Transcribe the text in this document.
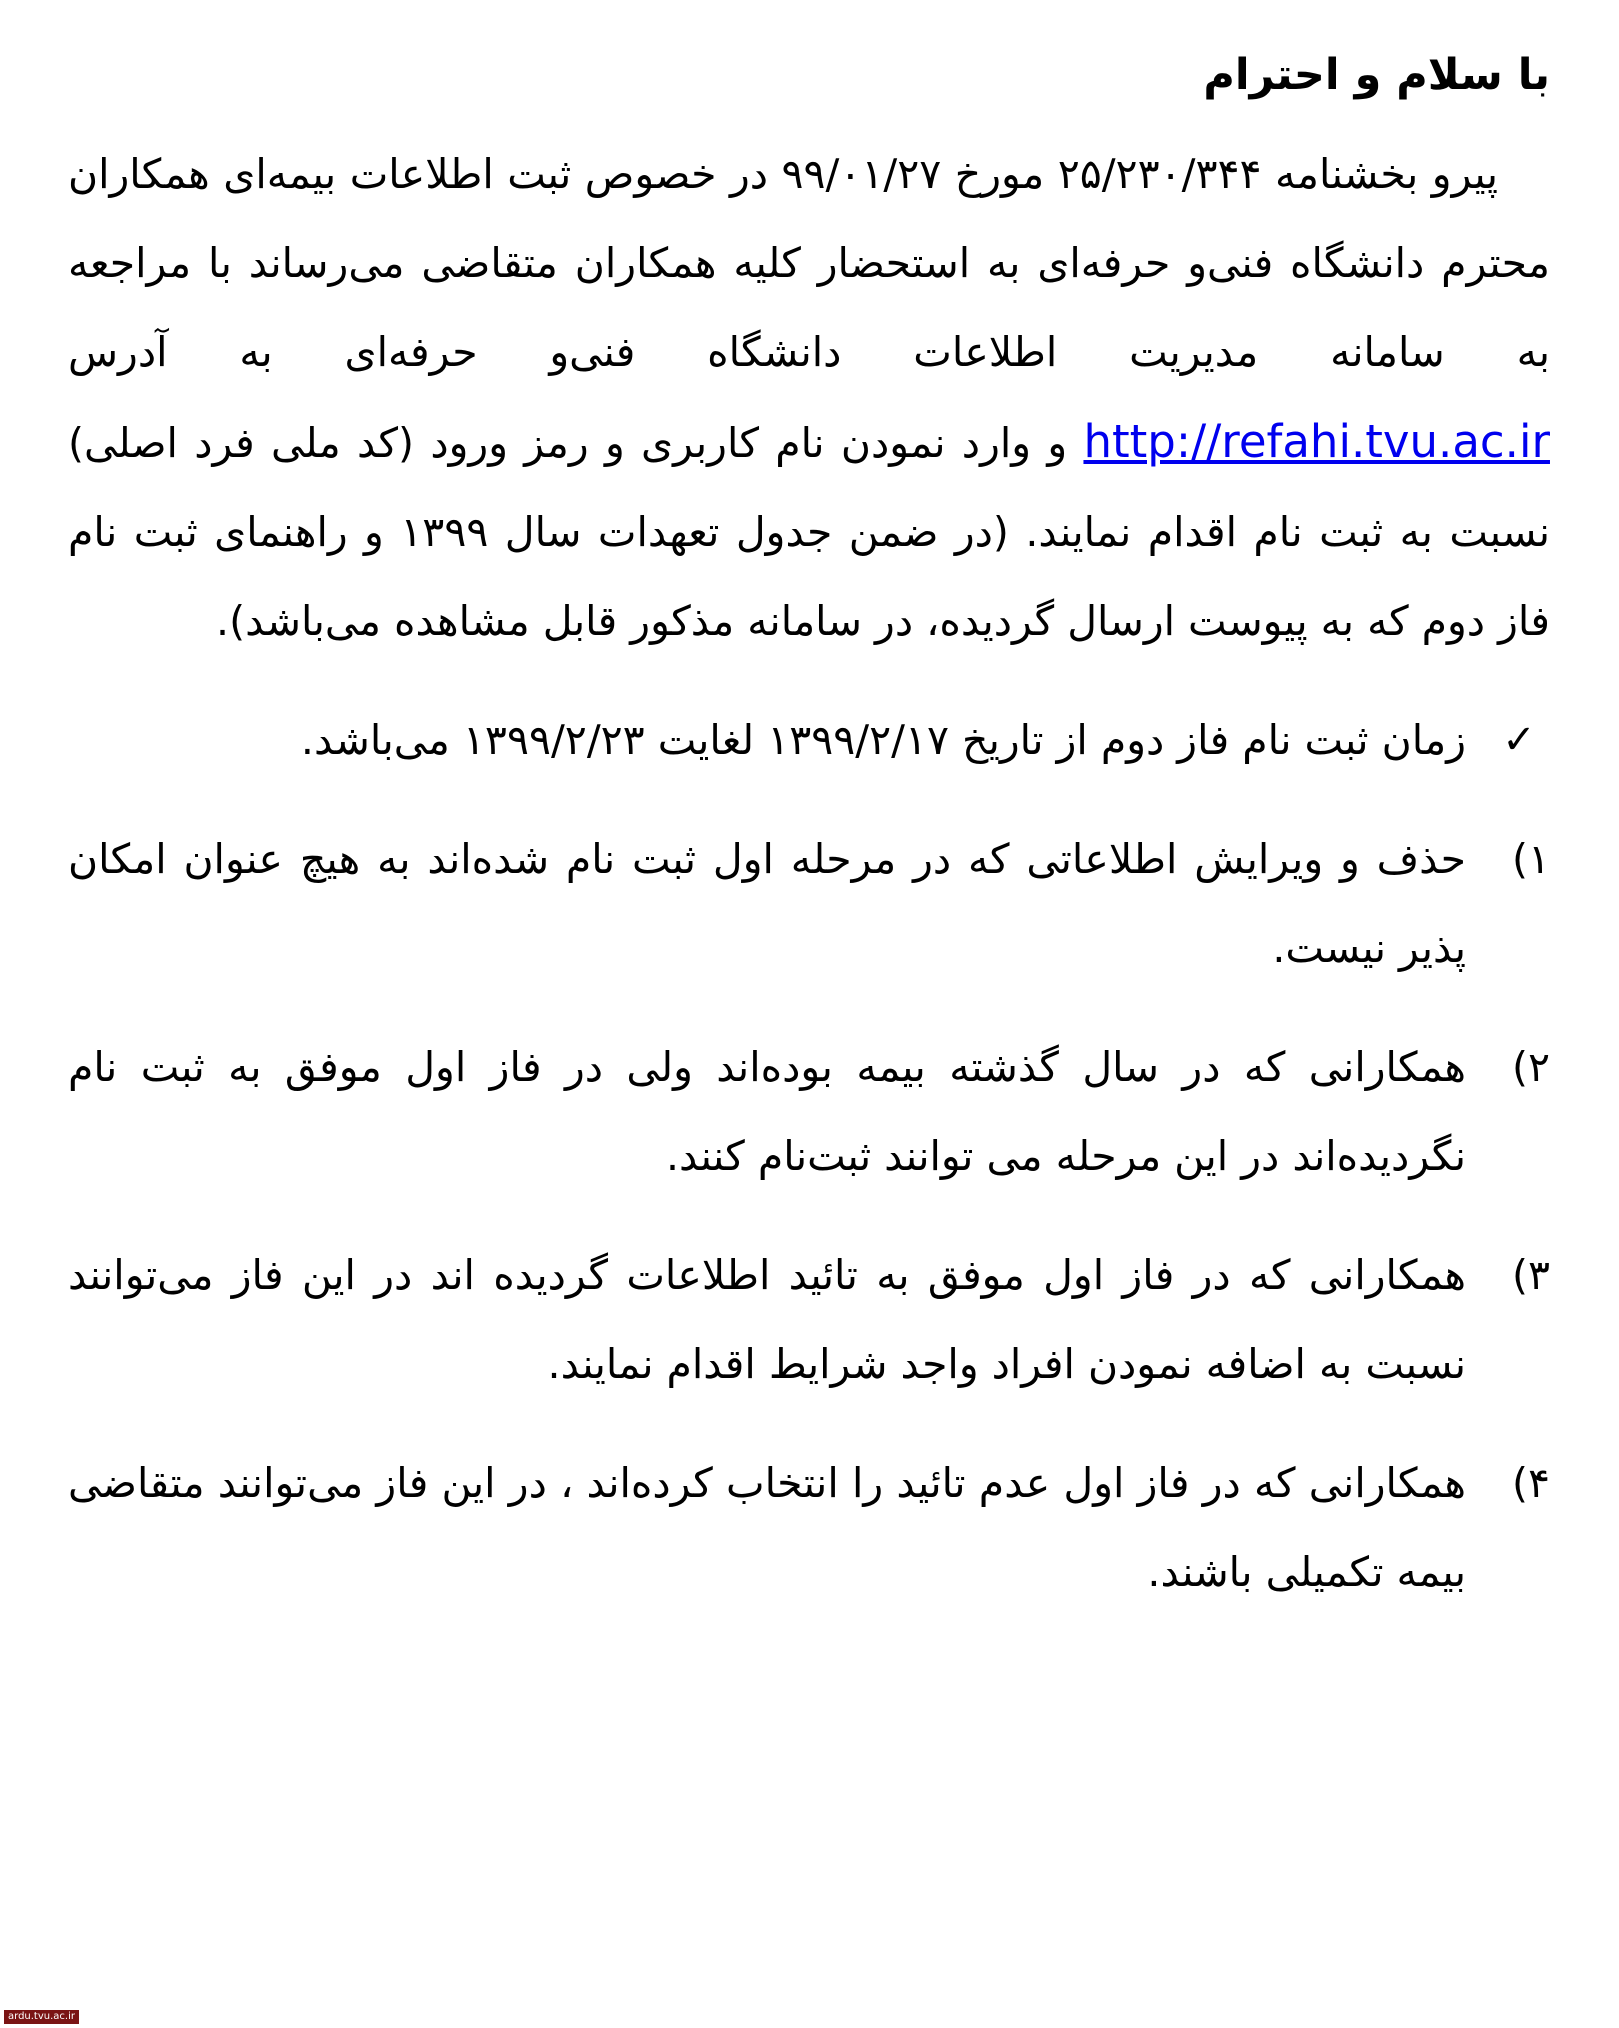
با سلام و احترام

پیرو بخشنامه ۲۵/۲۳۰/۳۴۴ مورخ ۹۹/۰۱/۲۷ در خصوص ثبت اطلاعات بیمه‌ای همکاران محترم دانشگاه فنی‌و حرفه‌ای به استحضار کلیه همکاران متقاضی می‌رساند با مراجعه به سامانه مدیریت اطلاعات دانشگاه فنی‌و حرفه‌ای به آدرس http://refahi.tvu.ac.ir و وارد نمودن نام کاربری و رمز ورود (کد ملی فرد اصلی) نسبت به ثبت نام اقدام نمایند. (در ضمن جدول تعهدات سال ۱۳۹۹ و راهنمای ثبت نام فاز دوم که به پیوست ارسال گردیده، در سامانه مذکور قابل مشاهده می‌باشد).

✓

زمان ثبت نام فاز دوم از تاریخ ۱۳۹۹/۲/۱۷ لغایت ۱۳۹۹/۲/۲۳ می‌باشد.

۱)

حذف و ویرایش اطلاعاتی که در مرحله اول ثبت نام شده‌اند به هیچ عنوان امکان پذیر نیست.

۲)

همکارانی که در سال گذشته بیمه بوده‌اند ولی در فاز اول موفق به ثبت نام نگردیده‌اند در این مرحله می توانند ثبت‌نام کنند.

۳)

همکارانی که در فاز اول موفق به تائید اطلاعات گردیده اند در این فاز می‌توانند نسبت به اضافه نمودن افراد واجد شرایط اقدام نمایند.

۴)

همکارانی که در فاز اول عدم تائید را انتخاب کرده‌اند ، در این فاز می‌توانند متقاضی بیمه تکمیلی باشند.

ardu.tvu.ac.ir
